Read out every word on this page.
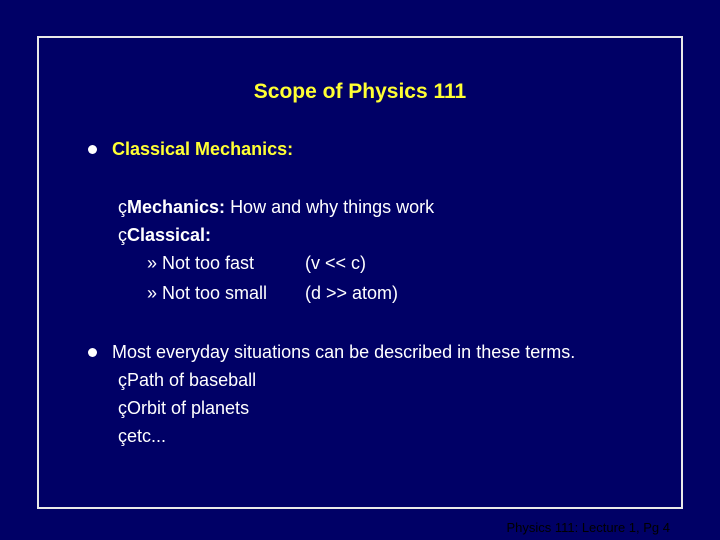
Scope of Physics 111
Classical Mechanics:
çMechanics: How and why things work
çClassical:
» Not too fast	(v << c)
» Not too small (d >> atom)
Most everyday situations can be described in these terms.
çPath of baseball
çOrbit of planets
çetc...
Physics 111: Lecture 1, Pg 4
